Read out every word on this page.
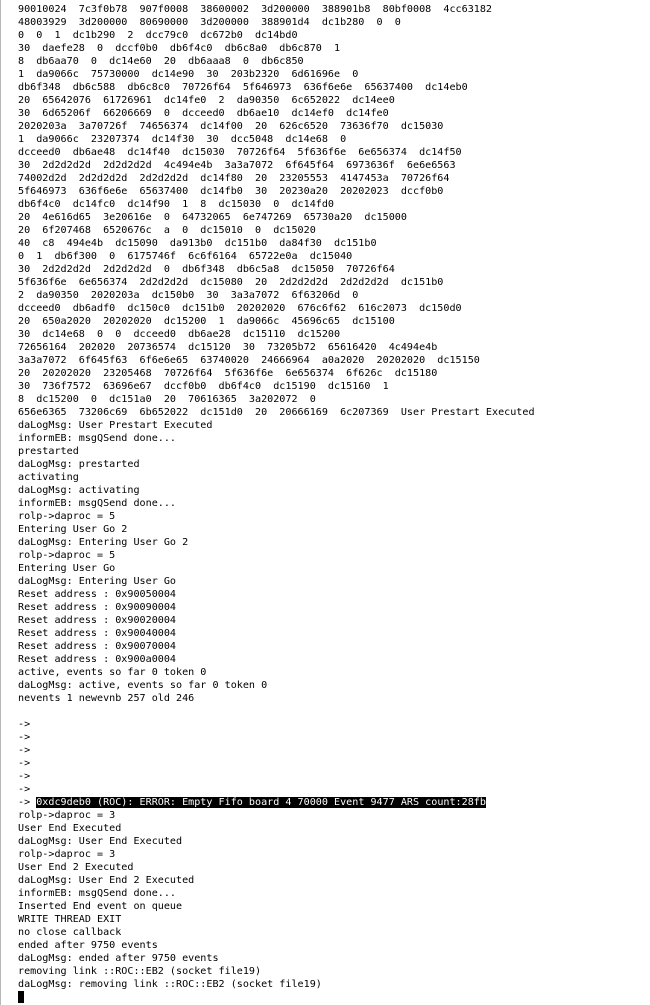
90010024  7c3f0b78  907f0008  38600002  3d200000  388901b8  80bf0008  4cc63182
48003929  3d200000  80690000  3d200000  388901d4  dc1b280  0  0
0  0  1  dc1b290  2  dcc79c0  dc672b0  dc14bd0
30  daefe28  0  dccf0b0  db6f4c0  db6c8a0  db6c870  1
8  db6aa70  0  dc14e60  20  db6aaa8  0  db6c850
1  da9066c  75730000  dc14e90  30  203b2320  6d61696e  0
db6f348  db6c588  db6c8c0  70726f64  5f646973  636f6e6e  65637400  dc14eb0
20  65642076  61726961  dc14fe0  2  da90350  6c652022  dc14ee0
30  6d65206f  66206669  0  dcceed0  db6ae10  dc14ef0  dc14fe0
2020203a  3a70726f  74656374  dc14f00  20  626c6520  73636f70  dc15030
1  da9066c  23207374  dc14f30  30  dcc5048  dc14e68  0
dcceed0  db6ae48  dc14f40  dc15030  70726f64  5f636f6e  6e656374  dc14f50
30  2d2d2d2d  2d2d2d2d  4c494e4b  3a3a7072  6f645f64  6973636f  6e6e6563
74002d2d  2d2d2d2d  2d2d2d2d  dc14f80  20  23205553  4147453a  70726f64
5f646973  636f6e6e  65637400  dc14fb0  30  20230a20  20202023  dccf0b0
db6f4c0  dc14fc0  dc14f90  1  8  dc15030  0  dc14fd0
20  4e616d65  3e20616e  0  64732065  6e747269  65730a20  dc15000
20  6f207468  6520676c  a  0  dc15010  0  dc15020
40  c8  494e4b  dc15090  da913b0  dc151b0  da84f30  dc151b0
0  1  db6f300  0  6175746f  6c6f6164  65722e0a  dc15040
30  2d2d2d2d  2d2d2d2d  0  db6f348  db6c5a8  dc15050  70726f64
5f636f6e  6e656374  2d2d2d2d  dc15080  20  2d2d2d2d  2d2d2d2d  dc151b0
2  da90350  2020203a  dc150b0  30  3a3a7072  6f63206d  0
dcceed0  db6adf0  dc150c0  dc151b0  20202020  676c6f62  616c2073  dc150d0
20  650a2020  20202020  dc15200  1  da9066c  45696c65  dc15100
30  dc14e68  0  0  dcceed0  db6ae28  dc15110  dc15200
72656164  202020  20736574  dc15120  30  73205b72  65616420  4c494e4b
3a3a7072  6f645f63  6f6e6e65  63740020  24666964  a0a2020  20202020  dc15150
20  20202020  23205468  70726f64  5f636f6e  6e656374  6f626c  dc15180
30  736f7572  63696e67  dccf0b0  db6f4c0  dc15190  dc15160  1
8  dc15200  0  dc151a0  20  70616365  3a202072  0
656e6365  73206c69  6b652022  dc151d0  20  20666169  6c207369  User Prestart Executed
daLogMsg: User Prestart Executed
informEB: msgQSend done...
prestarted
daLogMsg: prestarted
activating
daLogMsg: activating
informEB: msgQSend done...
rolp->daproc = 5
Entering User Go 2
daLogMsg: Entering User Go 2
rolp->daproc = 5
Entering User Go
daLogMsg: Entering User Go
Reset address : 0x90050004
Reset address : 0x90090004
Reset address : 0x90020004
Reset address : 0x90040004
Reset address : 0x90070004
Reset address : 0x900a0004
active, events so far 0 token 0
daLogMsg: active, events so far 0 token 0
nevents 1 newevnb 257 old 246
->
->
->
->
->
->
-> 0xdc9deb0 (ROC): ERROR: Empty Fifo board 4 70000 Event 9477 ARS count:28fb
rolp->daproc = 3
User End Executed
daLogMsg: User End Executed
rolp->daproc = 3
User End 2 Executed
daLogMsg: User End 2 Executed
informEB: msgQSend done...
Inserted End event on queue
WRITE THREAD EXIT
no close callback
ended after 9750 events
daLogMsg: ended after 9750 events
removing link ::ROC::EB2 (socket file19)
daLogMsg: removing link ::ROC::EB2 (socket file19)
